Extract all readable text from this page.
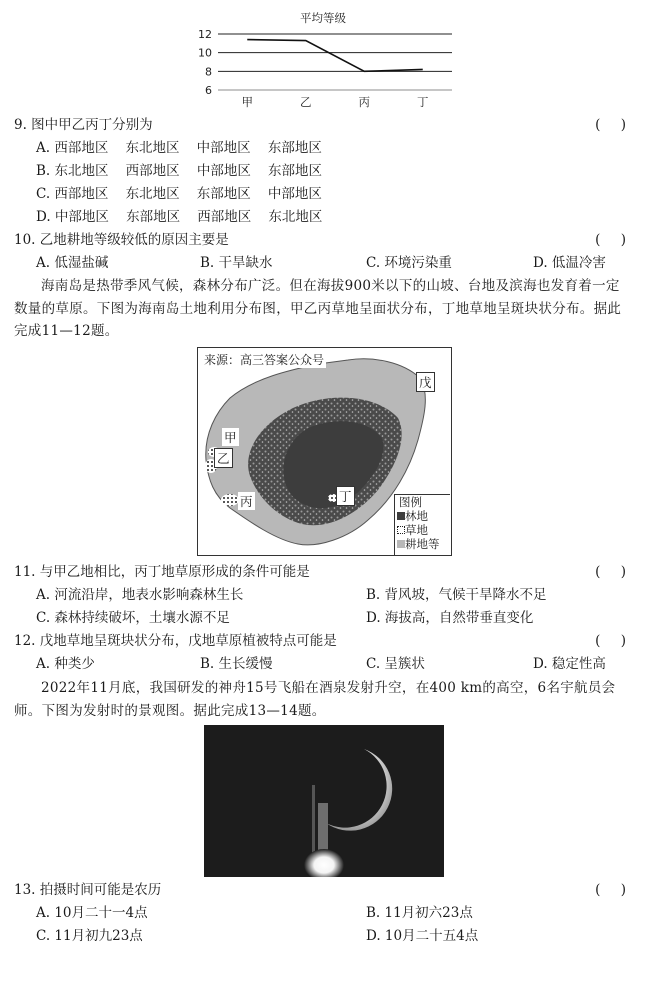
平均等级
6
8
10
12
甲	乙	丙	丁
9. 图中甲乙丙丁分别为	( )
A. 西部地区    东北地区    中部地区    东部地区
B. 东北地区    西部地区    中部地区    东部地区
C. 西部地区    东北地区    东部地区    中部地区
D. 中部地区    东部地区    西部地区    东北地区
10. 乙地耕地等级较低的原因主要是	( )
A. 低湿盐碱	B. 干旱缺水	C. 环境污染重	D. 低温冷害
海南岛是热带季风气候，森林分布广泛。但在海拔900米以下的山坡、台地及滨海也发育着一定数量的草原。下图为海南岛土地利用分布图，甲乙丙草地呈面状分布，丁地草地呈斑块状分布。据此完成11—12题。
来源：高三答案公众号
戊
甲
乙
丙	丁	图例
林地
草地
耕地等
11. 与甲乙地相比，丙丁地草原形成的条件可能是	( )
A. 河流沿岸，地表水影响森林生长	B. 背风坡，气候干旱降水不足
C. 森林持续破坏，土壤水源不足	D. 海拔高，自然带垂直变化
12. 戊地草地呈斑块状分布，戊地草原植被特点可能是	( )
A. 种类少	B. 生长缓慢	C. 呈簇状	D. 稳定性高
2022年11月底，我国研发的神舟15号飞船在酒泉发射升空，在400 km的高空，6名宇航员会师。下图为发射时的景观图。据此完成13—14题。
13. 拍摄时间可能是农历	( )
A. 10月二十一4点	B. 11月初六23点
C. 11月初九23点	D. 10月二十五4点
